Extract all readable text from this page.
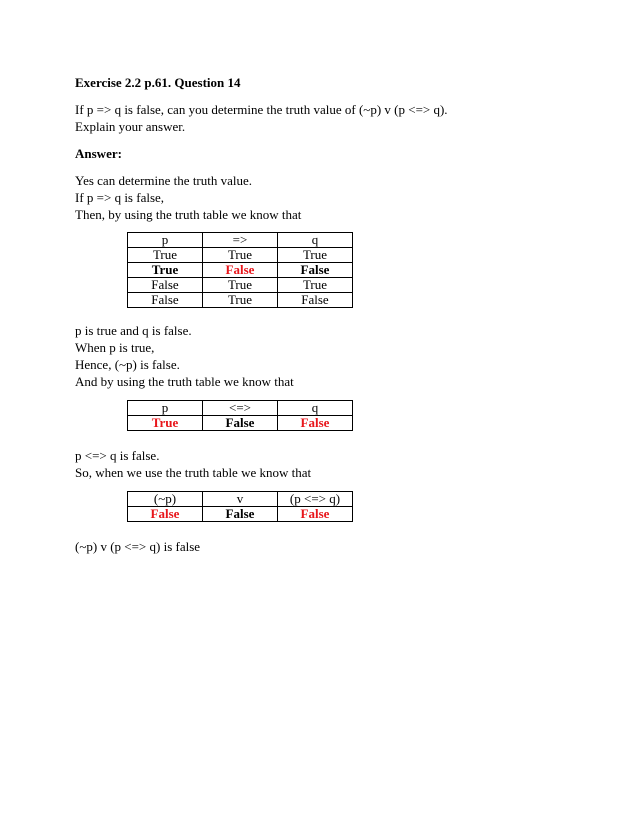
Exercise 2.2 p.61. Question 14
If p => q is false, can you determine the truth value of (~p) v (p <=> q).
Explain your answer.
Answer:
Yes can determine the truth value.
If p => q is false,
Then, by using the truth table we know that
p	=>	q
True	True	True
True	False	False
False	True	True
False	True	False
p is true and q is false.
When p is true,
Hence, (~p) is false.
And by using the truth table we know that
p	<=>	q
True	False	False
p <=> q is false.
So, when we use the truth table we know that
(~p)	v	(p <=> q)
False	False	False
(~p) v (p <=> q) is false
